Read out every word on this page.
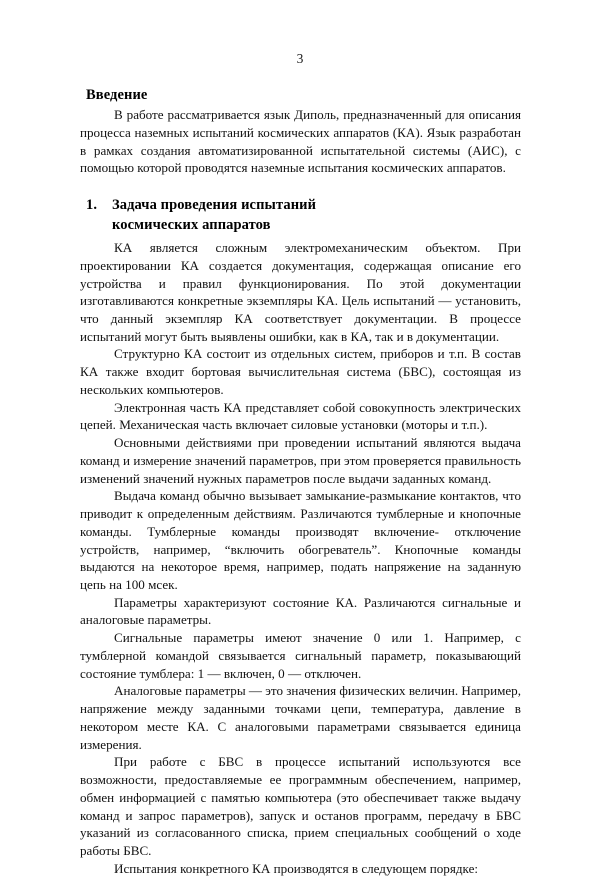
3
Введение

В работе рассматривается язык Диполь, предназначенный для описания процесса наземных испытаний космических аппаратов (КА). Язык разработан в рамках создания автоматизированной испытательной системы (АИС), с помощью которой проводятся наземные испытания космических аппаратов.

1.	Задача проведения испытаний
космических аппаратов

КА является сложным электромеханическим объектом. При проектировании КА создается документация, содержащая описание его устройства и правил функционирования. По этой документации изготавливаются конкретные экземпляры КА. Цель испытаний — установить, что данный экземпляр КА соответствует документации. В процессе испытаний могут быть выявлены ошибки, как в КА, так и в документации.

Структурно КА состоит из отдельных систем, приборов и т.п. В состав КА также входит бортовая вычислительная система (БВС), состоящая из нескольких компьютеров.

Электронная часть КА представляет собой совокупность электрических цепей. Механическая часть включает силовые установки (моторы и т.п.).

Основными действиями при проведении испытаний являются выдача команд и измерение значений параметров, при этом проверяется правильность изменений значений нужных параметров после выдачи заданных команд.

Выдача команд обычно вызывает замыкание-размыкание контактов, что приводит к определенным действиям. Различаются тумблерные и кнопочные команды. Тумблерные команды производят включение- отключение устройств, например, “включить обогреватель”. Кнопочные команды выдаются на некоторое время, например, подать напряжение на заданную цепь на 100 мсек.

Параметры характеризуют состояние КА. Различаются сигнальные и аналоговые параметры.

Сигнальные параметры имеют значение 0 или 1. Например, с тумблерной командой связывается сигнальный параметр, показывающий состояние тумблера: 1 — включен, 0 — отключен.

Аналоговые параметры — это значения физических величин. Например, напряжение между заданными точками цепи, температура, давление в некотором месте КА. С аналоговыми параметрами связывается единица измерения.

При работе с БВС в процессе испытаний используются все возможности, предоставляемые ее программным обеспечением, например, обмен информацией с памятью компьютера (это обеспечивает также выдачу команд и запрос параметров), запуск и останов программ, передачу в БВС указаний из согласованного списка, прием специальных сообщений о ходе работы БВС.

Испытания конкретного КА производятся в следующем порядке:
